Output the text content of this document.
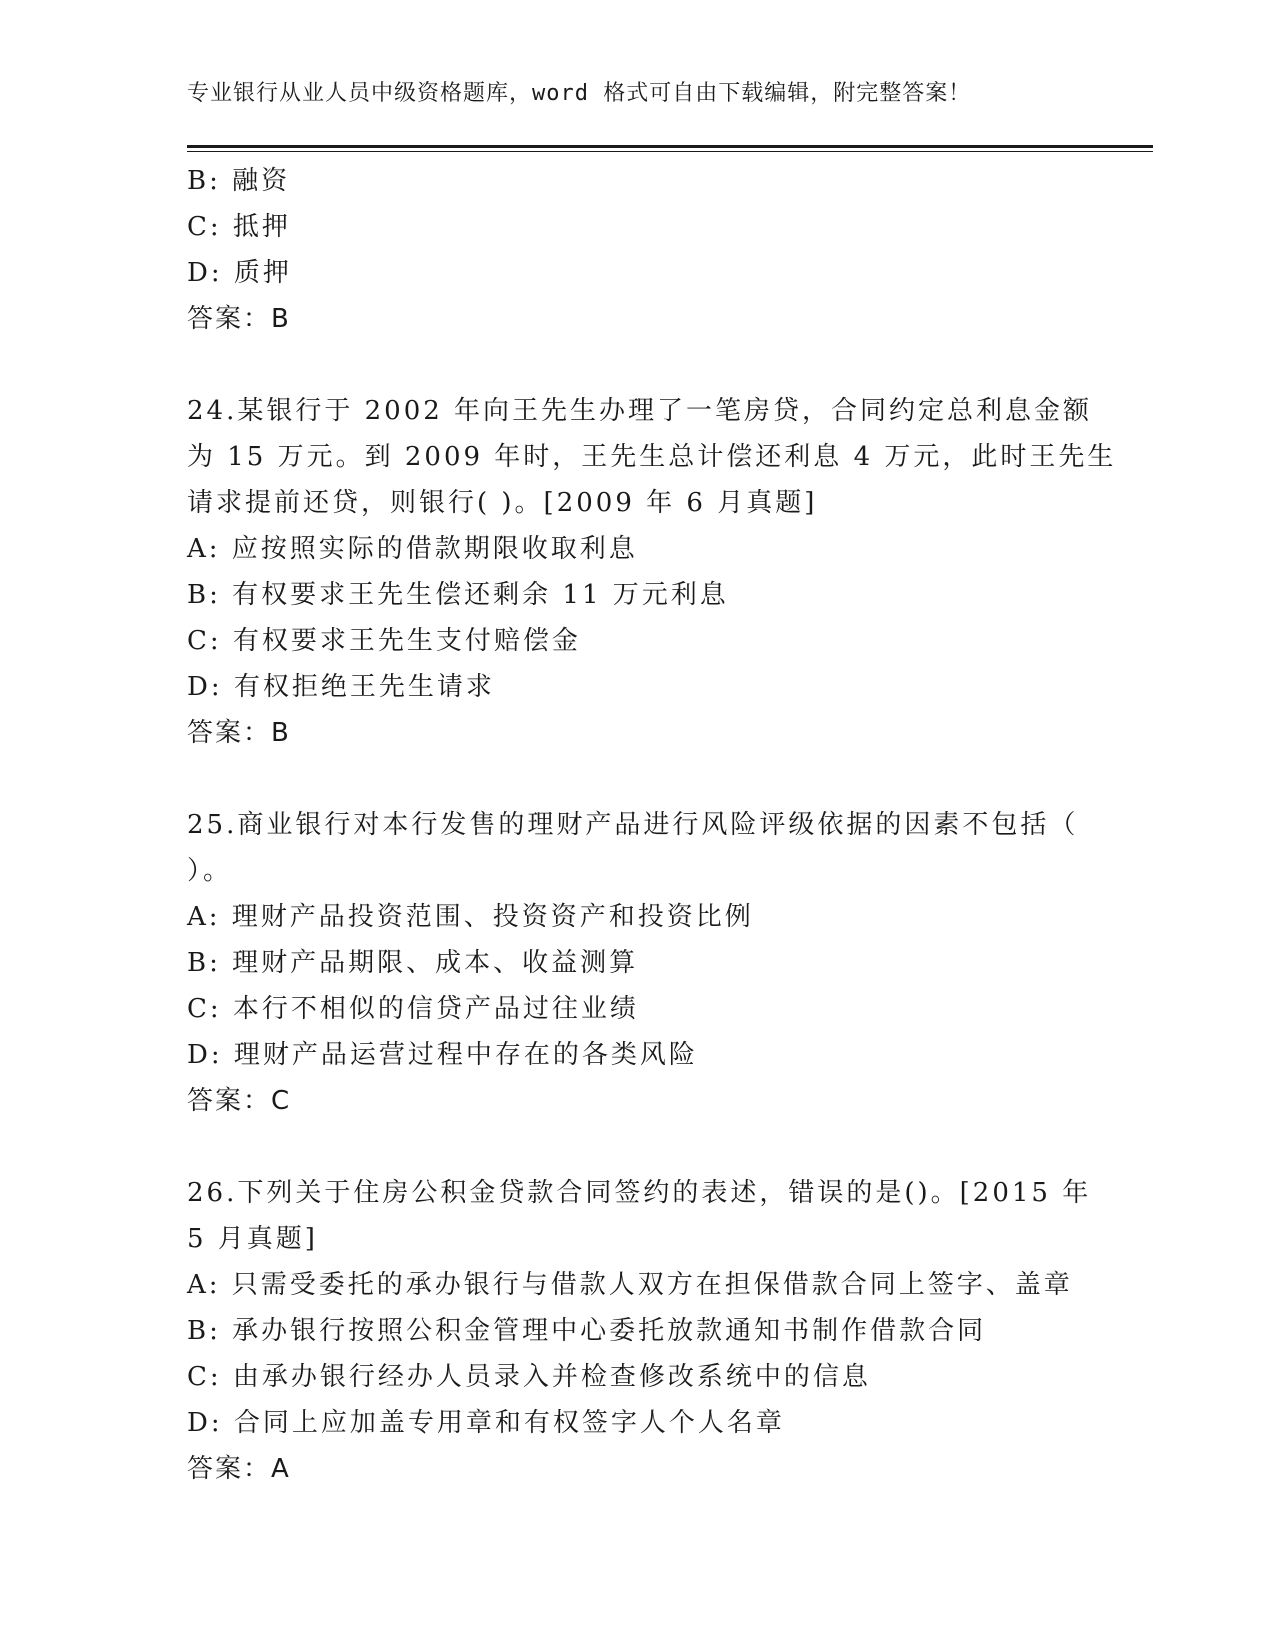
专业银行从业人员中级资格题库，word 格式可自由下载编辑，附完整答案！

B: 融资

C: 抵押

D: 质押

答案：B

24.某银行于 2002 年向王先生办理了一笔房贷，合同约定总利息金额

为 15 万元。到 2009 年时，王先生总计偿还利息 4 万元，此时王先生

请求提前还贷，则银行( )。[2009 年 6 月真题]

A: 应按照实际的借款期限收取利息

B: 有权要求王先生偿还剩余 11 万元利息

C: 有权要求王先生支付赔偿金

D: 有权拒绝王先生请求

答案：B

25.商业银行对本行发售的理财产品进行风险评级依据的因素不包括（

）。

A: 理财产品投资范围、投资资产和投资比例

B: 理财产品期限、成本、收益测算

C: 本行不相似的信贷产品过往业绩

D: 理财产品运营过程中存在的各类风险

答案：C

26.下列关于住房公积金贷款合同签约的表述，错误的是()。[2015 年

5 月真题]

A: 只需受委托的承办银行与借款人双方在担保借款合同上签字、盖章

B: 承办银行按照公积金管理中心委托放款通知书制作借款合同

C: 由承办银行经办人员录入并检查修改系统中的信息

D: 合同上应加盖专用章和有权签字人个人名章

答案：A
